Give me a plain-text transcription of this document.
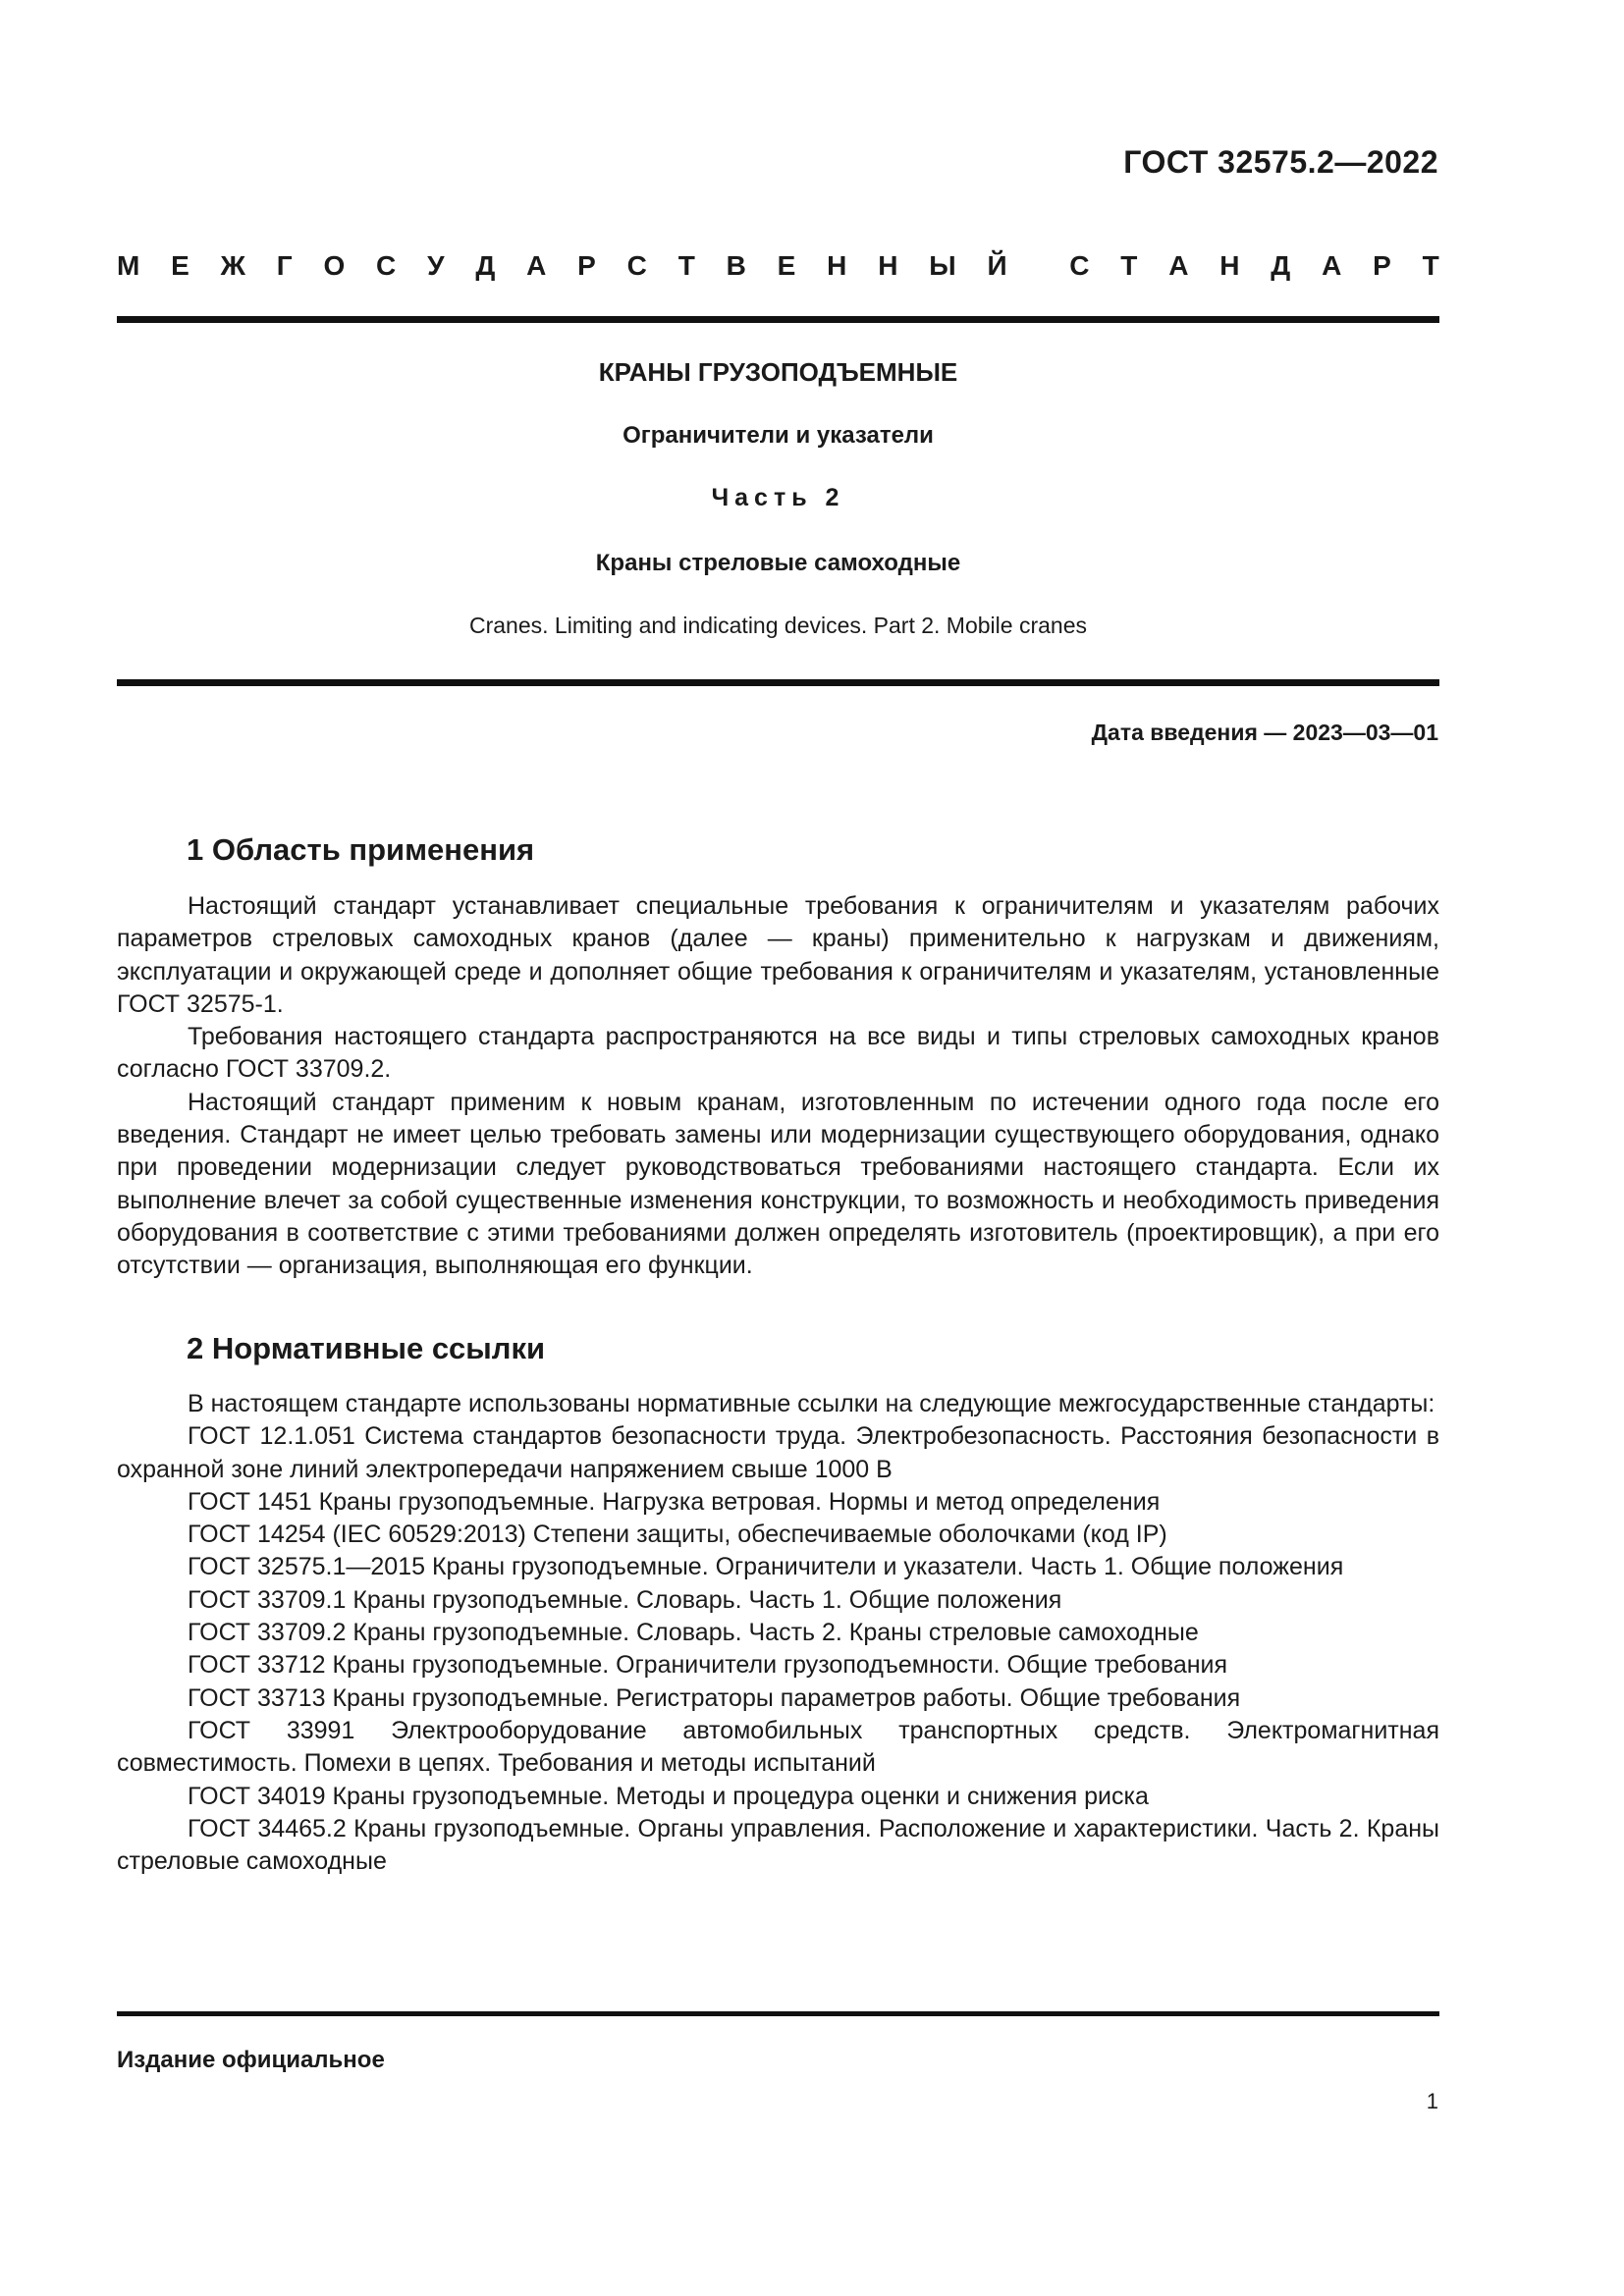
ГОСТ 32575.2—2022
М Е Ж Г О С У Д А Р С Т В Е Н Н Ы Й С Т А Н Д А Р Т
КРАНЫ ГРУЗОПОДЪЕМНЫЕ
Ограничители и указатели
Часть 2
Краны стреловые самоходные
Cranes. Limiting and indicating devices. Part 2. Mobile cranes
Дата введения — 2023—03—01
1 Область применения

Настоящий стандарт устанавливает специальные требования к ограничителям и указателям рабочих параметров стреловых самоходных кранов (далее — краны) применительно к нагрузкам и движениям, эксплуатации и окружающей среде и дополняет общие требования к ограничителям и указателям, установленные ГОСТ 32575-1.

Требования настоящего стандарта распространяются на все виды и типы стреловых самоходных кранов согласно ГОСТ 33709.2.

Настоящий стандарт применим к новым кранам, изготовленным по истечении одного года после его введения. Стандарт не имеет целью требовать замены или модернизации существующего оборудования, однако при проведении модернизации следует руководствоваться требованиями настоящего стандарта. Если их выполнение влечет за собой существенные изменения конструкции, то возможность и необходимость приведения оборудования в соответствие с этими требованиями должен определять изготовитель (проектировщик), а при его отсутствии — организация, выполняющая его функции.

2 Нормативные ссылки

В настоящем стандарте использованы нормативные ссылки на следующие межгосударственные стандарты:

ГОСТ 12.1.051 Система стандартов безопасности труда. Электробезопасность. Расстояния безопасности в охранной зоне линий электропередачи напряжением свыше 1000 В

ГОСТ 1451 Краны грузоподъемные. Нагрузка ветровая. Нормы и метод определения

ГОСТ 14254 (IEC 60529:2013) Степени защиты, обеспечиваемые оболочками (код IP)

ГОСТ 32575.1—2015 Краны грузоподъемные. Ограничители и указатели. Часть 1. Общие положения

ГОСТ 33709.1 Краны грузоподъемные. Словарь. Часть 1. Общие положения

ГОСТ 33709.2 Краны грузоподъемные. Словарь. Часть 2. Краны стреловые самоходные

ГОСТ 33712 Краны грузоподъемные. Ограничители грузоподъемности. Общие требования

ГОСТ 33713 Краны грузоподъемные. Регистраторы параметров работы. Общие требования

ГОСТ 33991 Электрооборудование автомобильных транспортных средств. Электромагнитная совместимость. Помехи в цепях. Требования и методы испытаний

ГОСТ 34019 Краны грузоподъемные. Методы и процедура оценки и снижения риска

ГОСТ 34465.2 Краны грузоподъемные. Органы управления. Расположение и характеристики. Часть 2. Краны стреловые самоходные

Издание официальное
1
